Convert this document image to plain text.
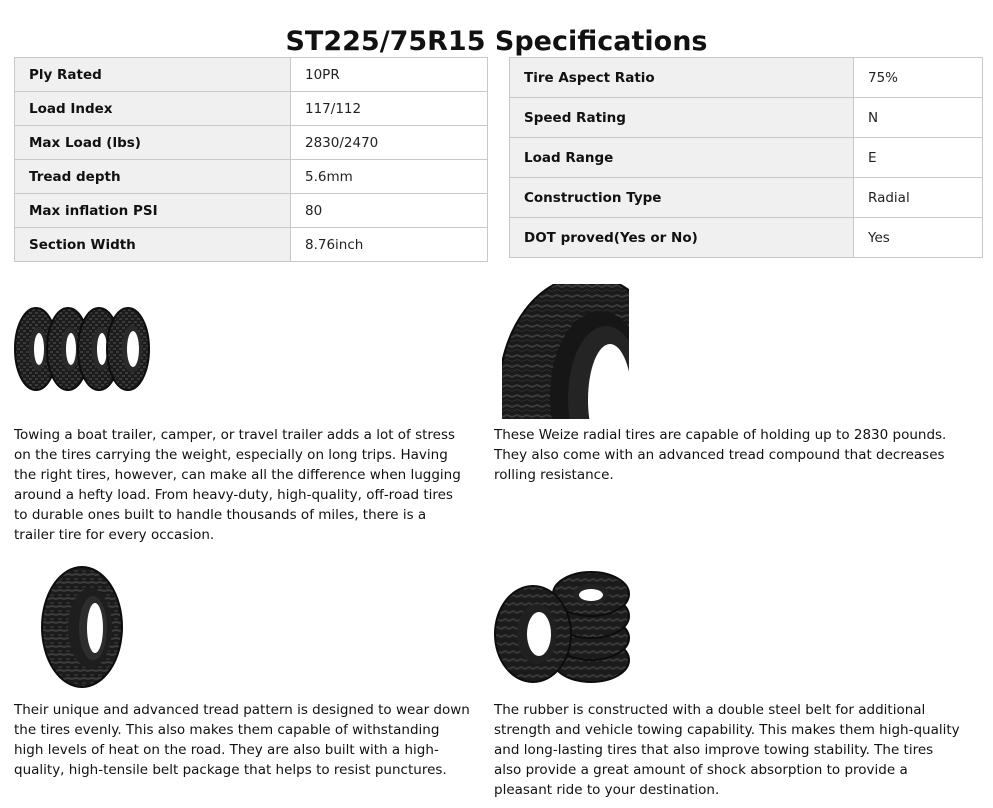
ST225/75R15 Specifications
Ply Rated	10PR
Load Index	117/112
Max Load (lbs)	2830/2470
Tread depth	5.6mm
Max inflation PSI	80
Section Width	8.76inch
Tire Aspect Ratio	75%
Speed Rating	N
Load Range	E
Construction Type	Radial
DOT proved(Yes or No)	Yes

Towing a boat trailer, camper, or travel trailer adds a lot of stress on the tires carrying the weight, especially on long trips. Having the right tires, however, can make all the difference when lugging around a hefty load. From heavy-duty, high-quality, off-road tires to durable ones built to handle thousands of miles, there is a trailer tire for every occasion.

These Weize radial tires are capable of holding up to 2830 pounds. They also come with an advanced tread compound that decreases rolling resistance.

Their unique and advanced tread pattern is designed to wear down the tires evenly. This also makes them capable of withstanding high levels of heat on the road. They are also built with a high-quality, high-tensile belt package that helps to resist punctures.

The rubber is constructed with a double steel belt for additional strength and vehicle towing capability. This makes them high-quality and long-lasting tires that also improve towing stability. The tires also provide a great amount of shock absorption to provide a pleasant ride to your destination.
